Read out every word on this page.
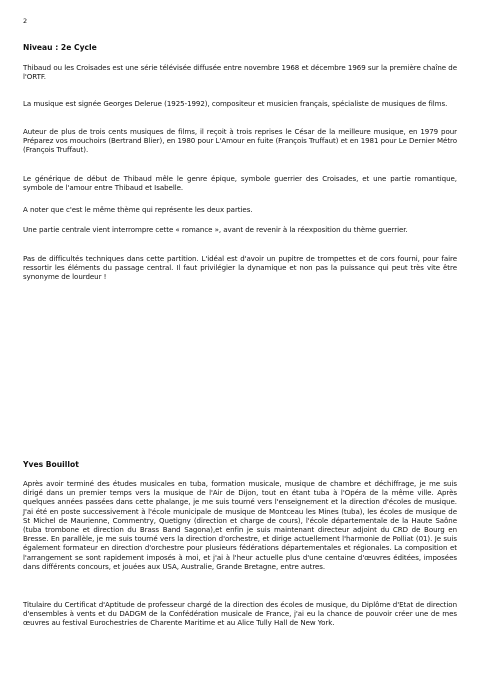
2
Niveau : 2e Cycle
Thibaud ou les Croisades est une série télévisée diffusée entre novembre 1968 et décembre 1969 sur la première chaîne de l'ORTF.
La musique est signée Georges Delerue (1925-1992), compositeur et musicien français, spécialiste de musiques de films.
Auteur de plus de trois cents musiques de films, il reçoit à trois reprises le César de la meilleure musique, en 1979 pour Préparez vos mouchoirs (Bertrand Blier), en 1980 pour L'Amour en fuite (François Truffaut) et en 1981 pour Le Dernier Métro (François Truffaut).
Le générique de début de Thibaud mêle le genre épique, symbole guerrier des Croisades, et une partie romantique, symbole de l'amour entre Thibaud et Isabelle.
A noter que c'est le même thème qui représente les deux parties.
Une partie centrale vient interrompre cette « romance », avant de revenir à la réexposition du thème guerrier.
Pas de difficultés techniques dans cette partition. L'idéal est d'avoir un pupitre de trompettes et de cors fourni, pour faire ressortir les éléments du passage central. Il faut privilégier la dynamique et non pas la puissance qui peut très vite être synonyme de lourdeur !
Yves Bouillot
Après avoir terminé des études musicales en tuba, formation musicale, musique de chambre et déchiffrage, je me suis dirigé dans un premier temps vers la musique de l'Air de Dijon, tout en étant tuba à l'Opéra de la même ville. Après quelques années passées dans cette phalange, je me suis tourné vers l'enseignement et la direction d'écoles de musique. J'ai été en poste successivement à l'école municipale de musique de Montceau les Mines (tuba), les écoles de musique de St Michel de Maurienne, Commentry, Quetigny (direction et charge de cours), l'école départementale de la Haute Saône (tuba trombone et direction du Brass Band Sagona),et enfin je suis maintenant directeur adjoint du CRD de Bourg en Bresse. En parallèle, je me suis tourné vers la direction d'orchestre, et dirige actuellement l'harmonie de Polliat (01). Je suis également formateur en direction d'orchestre pour plusieurs fédérations départementales et régionales. La composition et l'arrangement se sont rapidement imposés à moi, et j'ai à l'heur actuelle plus d'une centaine d'œuvres éditées, imposées dans différents concours, et jouées aux USA, Australie, Grande Bretagne, entre autres.
Titulaire du Certificat d'Aptitude de professeur chargé de la direction des écoles de musique, du Diplôme d'Etat de direction d'ensembles à vents et du DADGM de la Confédération musicale de France, j'ai eu la chance de pouvoir créer une de mes œuvres au festival Eurochestries de Charente Maritime et au Alice Tully Hall de New York.
